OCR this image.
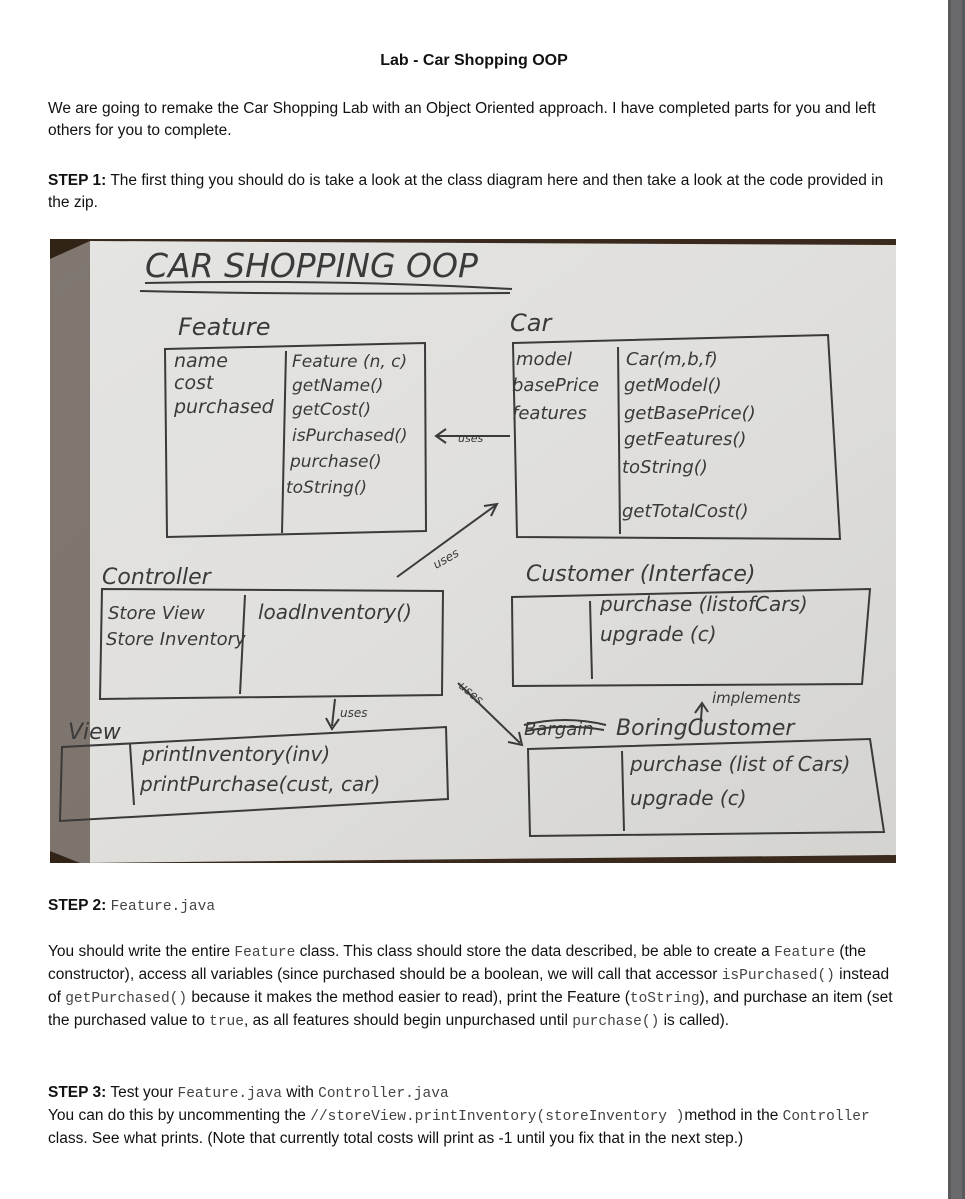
Lab - Car Shopping OOP
We are going to remake the Car Shopping Lab with an Object Oriented approach. I have completed parts for you and left others for you to complete.
STEP 1: The first thing you should do is take a look at the class diagram here and then take a look at the code provided in the zip.
CAR SHOPPING OOP
Feature
name
cost
purchased
Feature (n, c)
getName()
getCost()
isPurchased()
purchase()
toString()
Car
model
basePrice
features
Car(m,b,f)
getModel()
getBasePrice()
getFeatures()
toString()
getTotalCost()
uses
uses
uses
uses
Controller
Store View
Store Inventory
loadInventory()
Customer (Interface)
purchase (listofCars)
upgrade (c)
implements
View
printInventory(inv)
printPurchase(cust, car)
Bargain BoringCustomer
purchase (list of Cars)
upgrade (c)
STEP 2: Feature.java
You should write the entire Feature class. This class should store the data described, be able to create a Feature (the constructor), access all variables (since purchased should be a boolean, we will call that accessor isPurchased() instead of getPurchased() because it makes the method easier to read), print the Feature (toString), and purchase an item (set the purchased value to true, as all features should begin unpurchased until purchase() is called).
STEP 3: Test your Feature.java with Controller.java
You can do this by uncommenting the //storeView.printInventory(storeInventory )method in the Controller class. See what prints. (Note that currently total costs will print as -1 until you fix that in the next step.)
